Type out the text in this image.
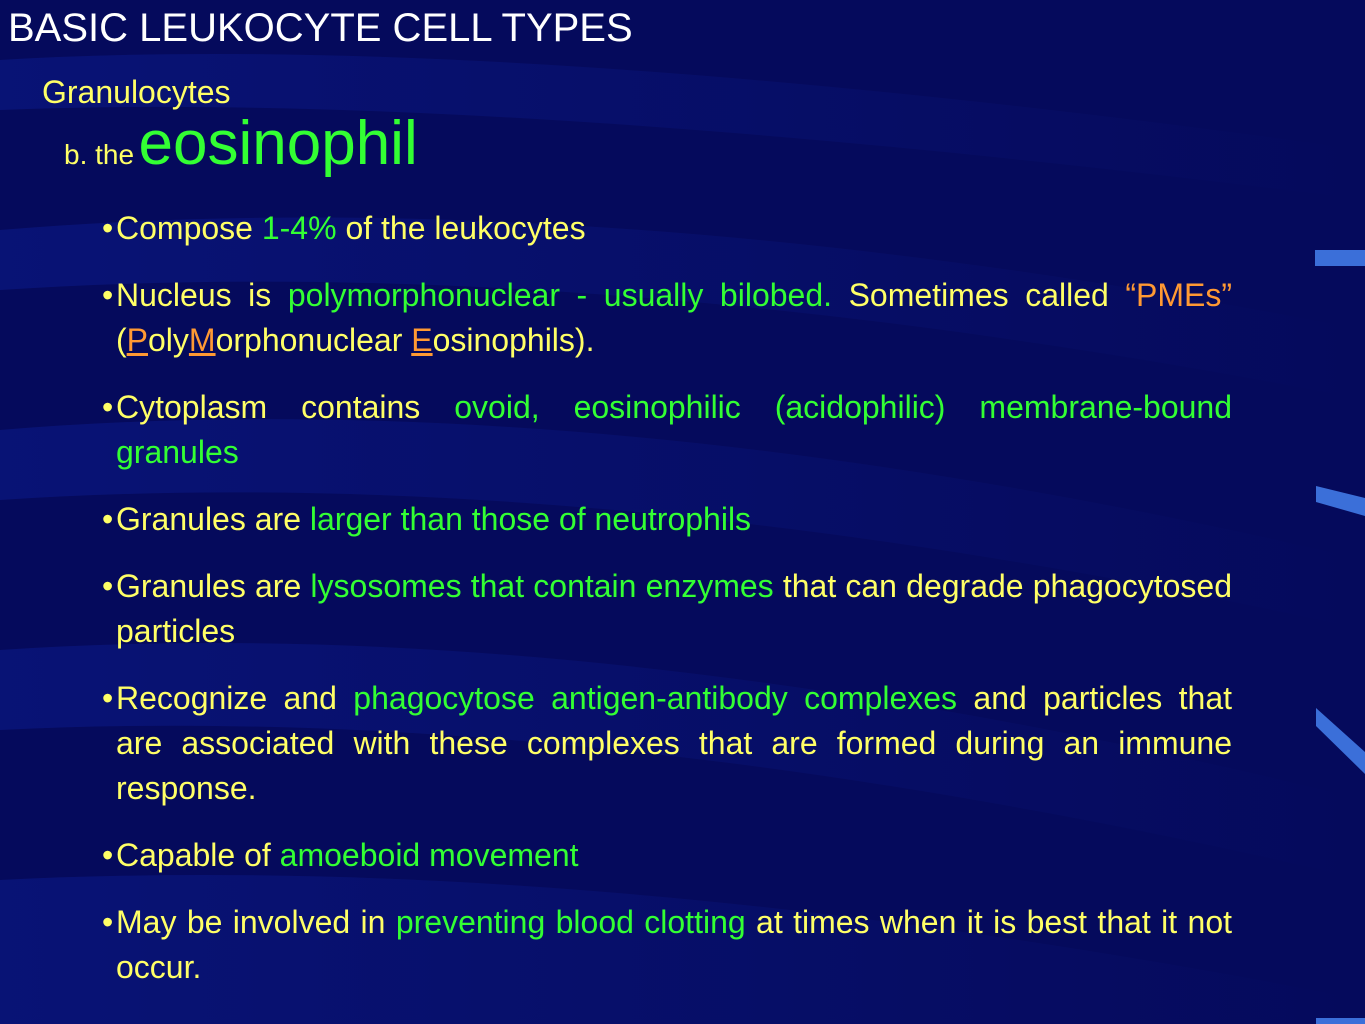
BASIC LEUKOCYTE CELL TYPES
Granulocytes
b. the eosinophil
• Compose 1-4% of the leukocytes
• Nucleus is polymorphonuclear - usually bilobed. Sometimes called “PMEs” (PolyMorphonuclear Eosinophils).
• Cytoplasm contains ovoid, eosinophilic (acidophilic) membrane-bound granules
• Granules are larger than those of neutrophils
• Granules are lysosomes that contain enzymes that can degrade phagocytosed particles
• Recognize and phagocytose antigen-antibody complexes and particles that are associated with these complexes that are formed during an immune response.
• Capable of amoeboid movement
• May be involved in preventing blood clotting at times when it is best that it not occur.
